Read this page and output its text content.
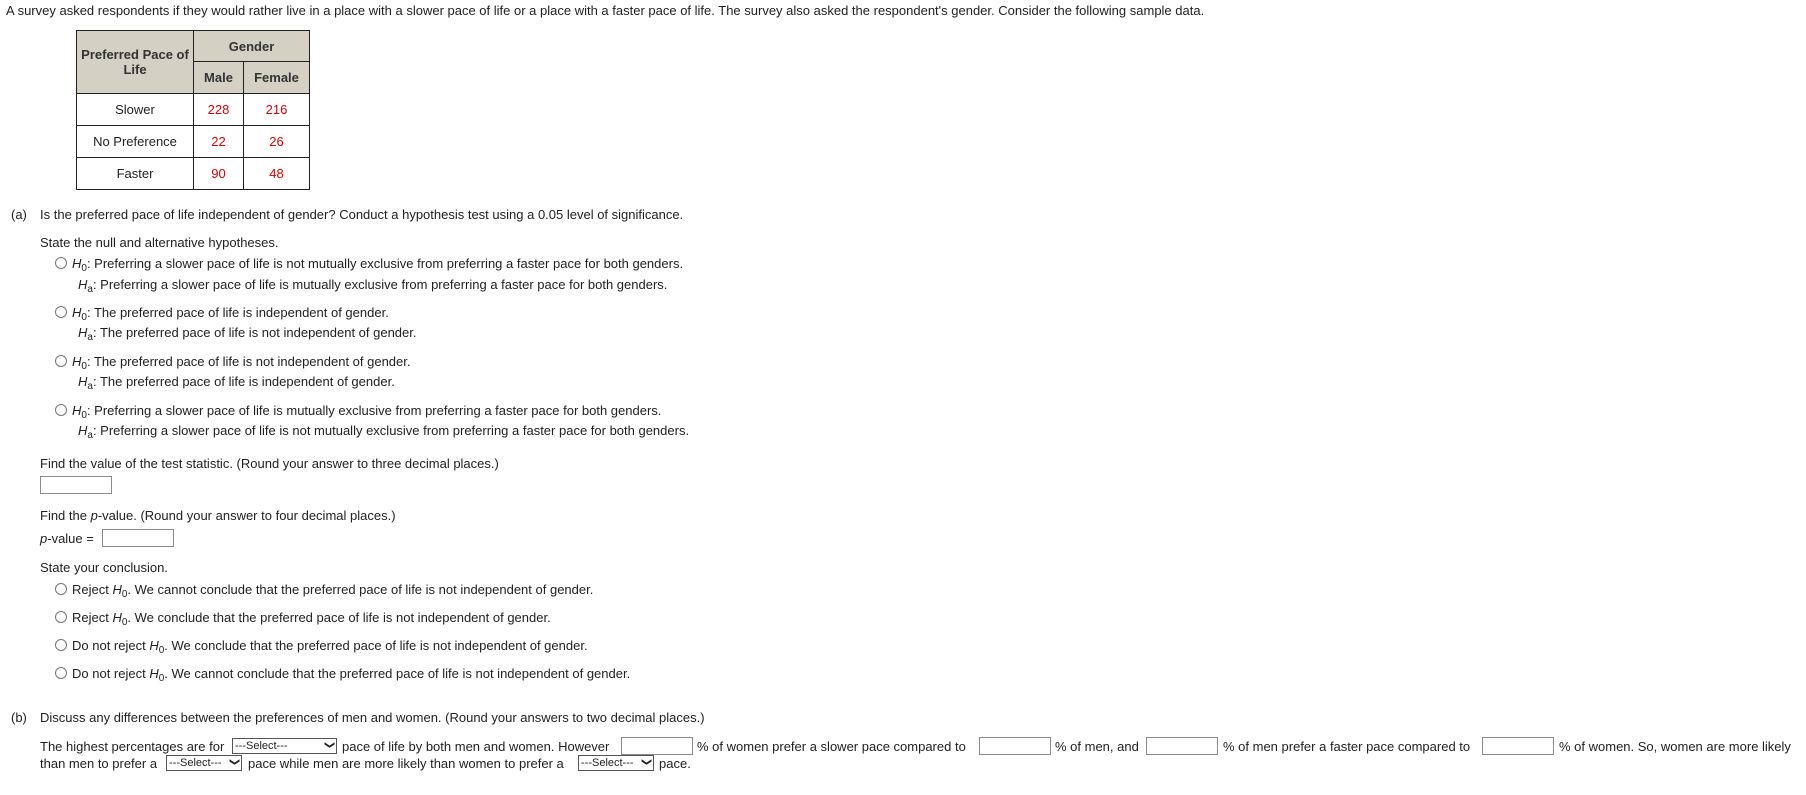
A survey asked respondents if they would rather live in a place with a slower pace of life or a place with a faster pace of life. The survey also asked the respondent's gender. Consider the following sample data.
Preferred Pace of Life	Gender	
	Male	Female
Slower	228	216
No Preference	22	26
Faster	90	48
(a) Is the preferred pace of life independent of gender? Conduct a hypothesis test using a 0.05 level of significance.
State the null and alternative hypotheses.
$H_0$: Preferring a slower pace of life is not mutually exclusive from preferring a faster pace for both genders.
$H_a$: Preferring a slower pace of life is mutually exclusive from preferring a faster pace for both genders.
$H_0$: The preferred pace of life is independent of gender.
$H_a$: The preferred pace of life is not independent of gender.
$H_0$: The preferred pace of life is not independent of gender.
$H_a$: The preferred pace of life is independent of gender.
$H_0$: Preferring a slower pace of life is mutually exclusive from preferring a faster pace for both genders.
$H_a$: Preferring a slower pace of life is not mutually exclusive from preferring a faster pace for both genders.
Find the value of the test statistic. (Round your answer to three decimal places.)
Find the p-value. (Round your answer to four decimal places.)
p-value =
State your conclusion.
Reject $H_0$. We cannot conclude that the preferred pace of life is not independent of gender.
Reject $H_0$. We conclude that the preferred pace of life is not independent of gender.
Do not reject $H_0$. We conclude that the preferred pace of life is not independent of gender.
Do not reject $H_0$. We cannot conclude that the preferred pace of life is not independent of gender.
(b) Discuss any differences between the preferences of men and women. (Round your answers to two decimal places.)
The highest percentages are for ---Select---	❯ pace of life by both men and women. However	% of women prefer a slower pace compared to	% of men, and	% of men prefer a faster pace compared to	% of women. So, women are more likely
than men to prefer a ---Select--- ❯ pace while men are more likely than women to prefer a ---Select--- ❯ pace.
